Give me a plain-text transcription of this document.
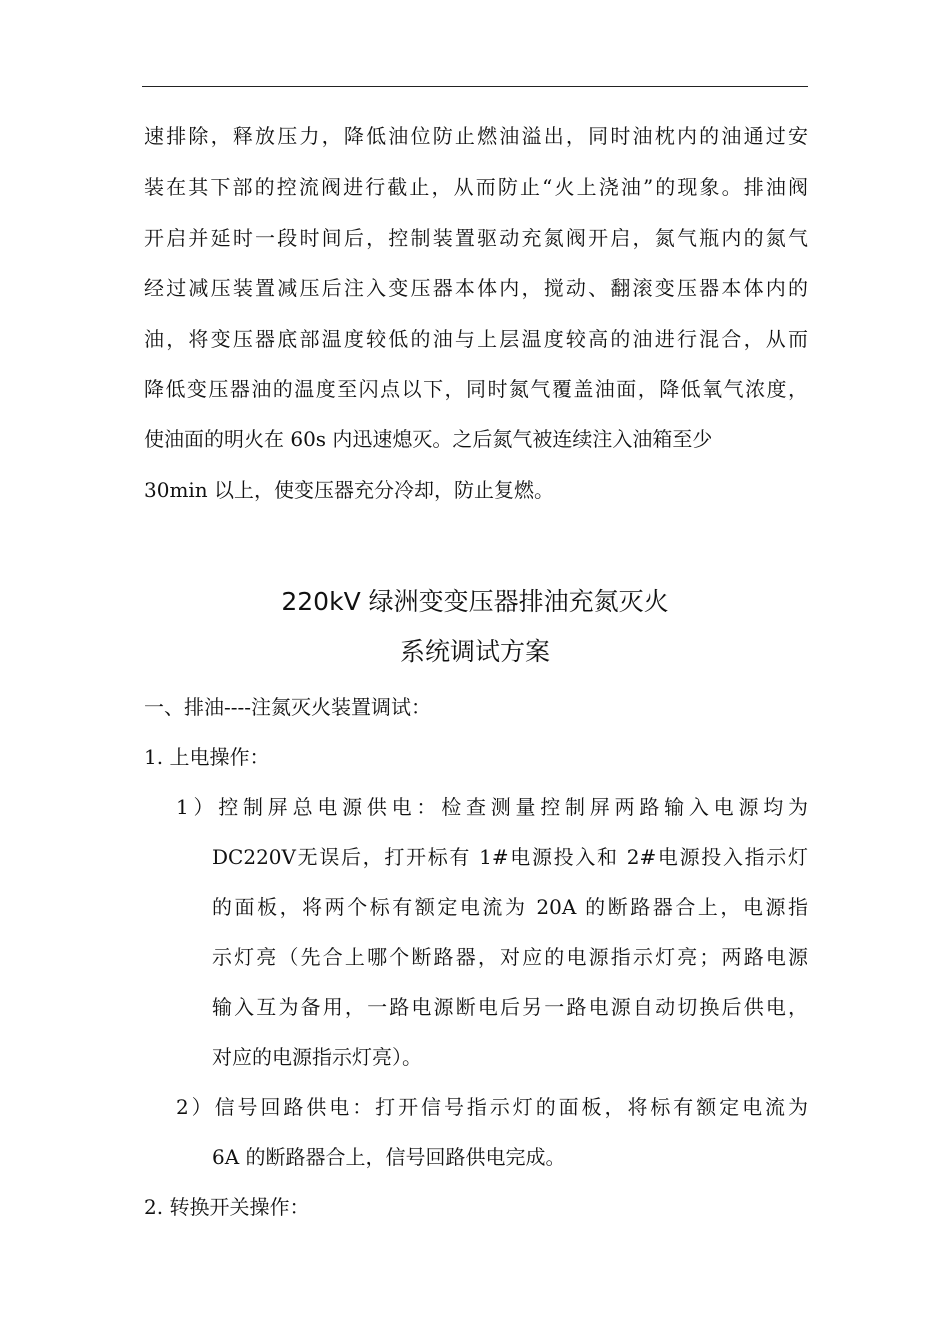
速排除，释放压力，降低油位防止燃油溢出，同时油枕内的油通过安
装在其下部的控流阀进行截止，从而防止“火上浇油”的现象。排油阀
开启并延时一段时间后，控制装置驱动充氮阀开启，氮气瓶内的氮气
经过减压装置减压后注入变压器本体内，搅动、翻滚变压器本体内的
油，将变压器底部温度较低的油与上层温度较高的油进行混合，从而
降低变压器油的温度至闪点以下，同时氮气覆盖油面，降低氧气浓度，
使油面的明火在 60s 内迅速熄灭。之后氮气被连续注入油箱至少
30min 以上，使变压器充分冷却，防止复燃。
220kV 绿洲变变压器排油充氮灭火
系统调试方案
一、排油----注氮灭火装置调试：
1. 上电操作：
1）控制屏总电源供电：检查测量控制屏两路输入电源均为
DC220V无误后，打开标有 1#电源投入和 2#电源投入指示灯
的面板，将两个标有额定电流为 20A 的断路器合上，电源指
示灯亮（先合上哪个断路器，对应的电源指示灯亮；两路电源
输入互为备用，一路电源断电后另一路电源自动切换后供电，
对应的电源指示灯亮）。
2）信号回路供电：打开信号指示灯的面板，将标有额定电流为
6A 的断路器合上，信号回路供电完成。
2. 转换开关操作：
